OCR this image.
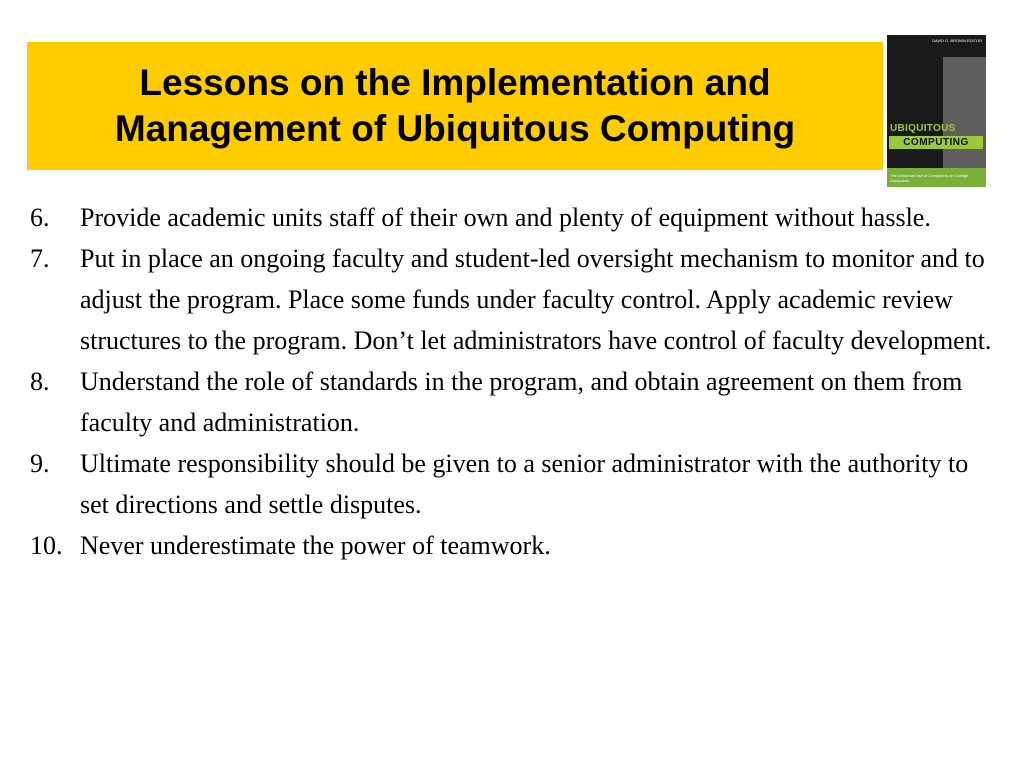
Lessons on the Implementation and
Management of Ubiquitous Computing
DAVID G. BROWN EDITOR
UBIQUITOUS
COMPUTING
The Universal Use of Computers on College Campuses
6.	Provide academic units staff of their own and plenty of equipment without hassle.
7.	Put in place an ongoing faculty and student-led oversight mechanism to monitor and to adjust the program. Place some funds under faculty control. Apply academic review structures to the program. Don’t let administrators have control of faculty development.
8.	Understand the role of standards in the program, and obtain agreement on them from faculty and administration.
9.	Ultimate responsibility should be given to a senior administrator with the authority to set directions and settle disputes.
10. Never underestimate the power of teamwork.
